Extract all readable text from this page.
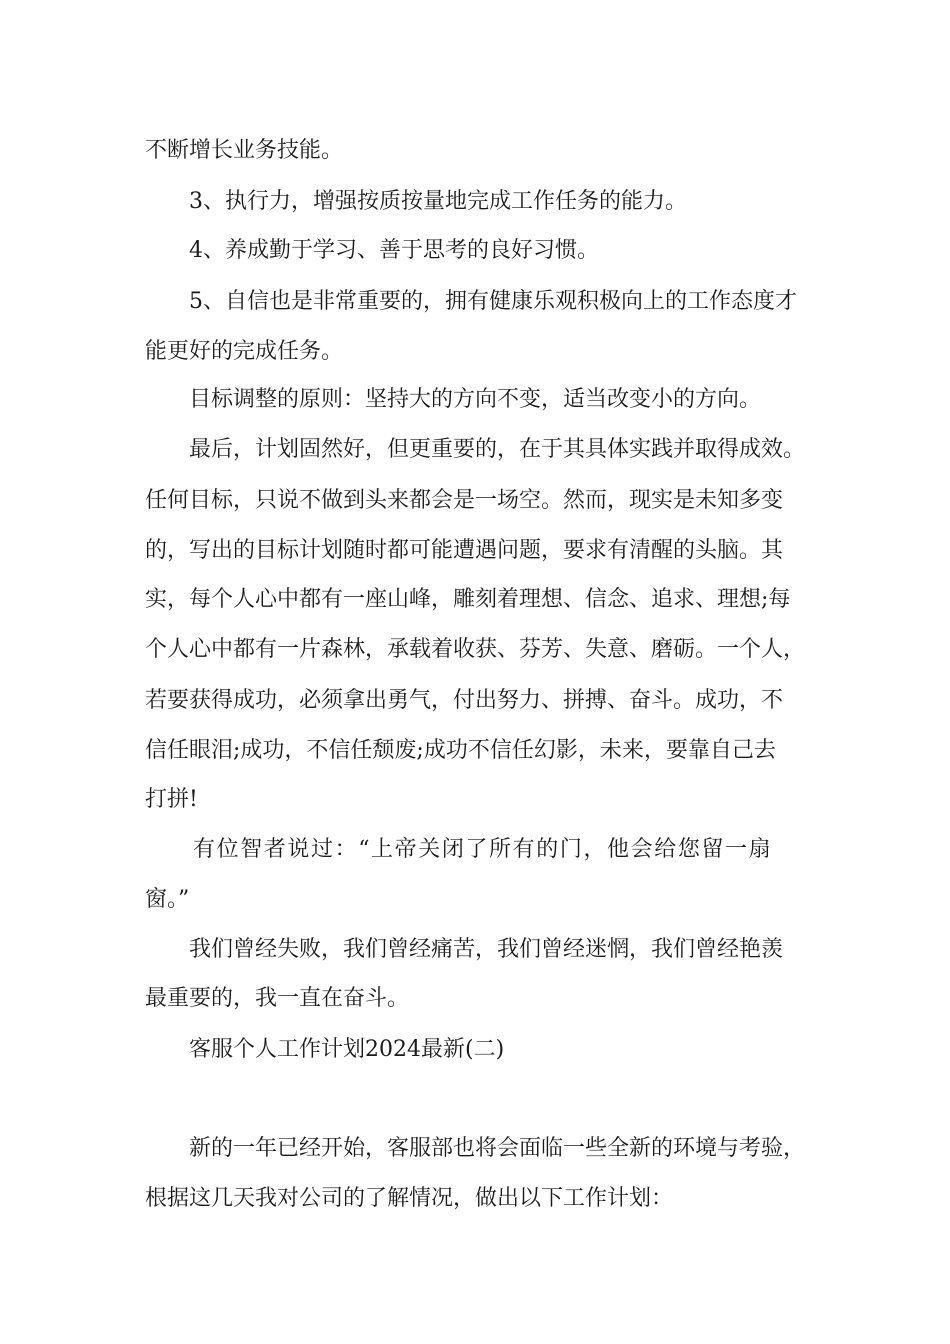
不断增长业务技能。
3、执行力，增强按质按量地完成工作任务的能力。
4、养成勤于学习、善于思考的良好习惯。
5、自信也是非常重要的，拥有健康乐观积极向上的工作态度才
能更好的完成任务。
目标调整的原则：坚持大的方向不变，适当改变小的方向。
最后，计划固然好，但更重要的，在于其具体实践并取得成效。
任何目标，只说不做到头来都会是一场空。然而，现实是未知多变
的，写出的目标计划随时都可能遭遇问题，要求有清醒的头脑。其
实，每个人心中都有一座山峰，雕刻着理想、信念、追求、理想;每
个人心中都有一片森林，承载着收获、芬芳、失意、磨砺。一个人，
若要获得成功，必须拿出勇气，付出努力、拼搏、奋斗。成功，不
信任眼泪;成功，不信任颓废;成功不信任幻影，未来，要靠自己去
打拼!
有位智者说过：“上帝关闭了所有的门，他会给您留一扇
窗。”
我们曾经失败，我们曾经痛苦，我们曾经迷惘，我们曾经艳羡
最重要的，我一直在奋斗。
客服个人工作计划2024最新(二)
新的一年已经开始，客服部也将会面临一些全新的环境与考验，
根据这几天我对公司的了解情况，做出以下工作计划：
